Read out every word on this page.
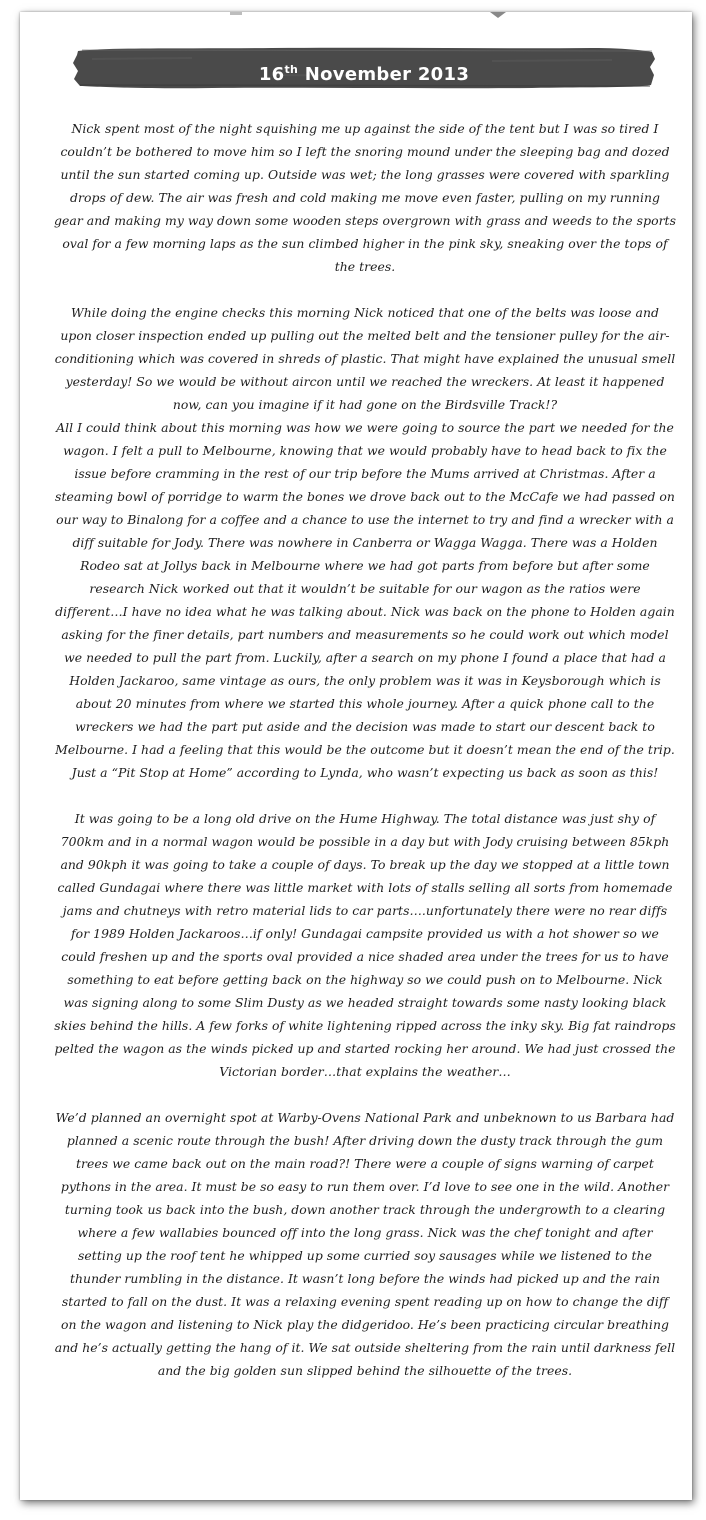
16th November 2013

Nick spent most of the night squishing me up against the side of the tent but I was so tired I couldn’t be bothered to move him so I left the snoring mound under the sleeping bag and dozed until the sun started coming up. Outside was wet; the long grasses were covered with sparkling drops of dew. The air was fresh and cold making me move even faster, pulling on my running gear and making my way down some wooden steps overgrown with grass and weeds to the sports oval for a few morning laps as the sun climbed higher in the pink sky, sneaking over the tops of the trees.

While doing the engine checks this morning Nick noticed that one of the belts was loose and upon closer inspection ended up pulling out the melted belt and the tensioner pulley for the air-conditioning which was covered in shreds of plastic. That might have explained the unusual smell yesterday! So we would be without aircon until we reached the wreckers. At least it happened now, can you imagine if it had gone on the Birdsville Track!?

All I could think about this morning was how we were going to source the part we needed for the wagon. I felt a pull to Melbourne, knowing that we would probably have to head back to fix the issue before cramming in the rest of our trip before the Mums arrived at Christmas. After a steaming bowl of porridge to warm the bones we drove back out to the McCafe we had passed on our way to Binalong for a coffee and a chance to use the internet to try and find a wrecker with a diff suitable for Jody. There was nowhere in Canberra or Wagga Wagga. There was a Holden Rodeo sat at Jollys back in Melbourne where we had got parts from before but after some research Nick worked out that it wouldn’t be suitable for our wagon as the ratios were different…I have no idea what he was talking about. Nick was back on the phone to Holden again asking for the finer details, part numbers and measurements so he could work out which model we needed to pull the part from. Luckily, after a search on my phone I found a place that had a Holden Jackaroo, same vintage as ours, the only problem was it was in Keysborough which is about 20 minutes from where we started this whole journey. After a quick phone call to the wreckers we had the part put aside and the decision was made to start our descent back to Melbourne. I had a feeling that this would be the outcome but it doesn’t mean the end of the trip. Just a “Pit Stop at Home” according to Lynda, who wasn’t expecting us back as soon as this!

It was going to be a long old drive on the Hume Highway. The total distance was just shy of 700km and in a normal wagon would be possible in a day but with Jody cruising between 85kph and 90kph it was going to take a couple of days. To break up the day we stopped at a little town called Gundagai where there was little market with lots of stalls selling all sorts from homemade jams and chutneys with retro material lids to car parts….unfortunately there were no rear diffs for 1989 Holden Jackaroos…if only! Gundagai campsite provided us with a hot shower so we could freshen up and the sports oval provided a nice shaded area under the trees for us to have something to eat before getting back on the highway so we could push on to Melbourne. Nick was signing along to some Slim Dusty as we headed straight towards some nasty looking black skies behind the hills. A few forks of white lightening ripped across the inky sky. Big fat raindrops pelted the wagon as the winds picked up and started rocking her around. We had just crossed the Victorian border…that explains the weather…

We’d planned an overnight spot at Warby-Ovens National Park and unbeknown to us Barbara had planned a scenic route through the bush! After driving down the dusty track through the gum trees we came back out on the main road?! There were a couple of signs warning of carpet pythons in the area. It must be so easy to run them over. I’d love to see one in the wild. Another turning took us back into the bush, down another track through the undergrowth to a clearing where a few wallabies bounced off into the long grass. Nick was the chef tonight and after setting up the roof tent he whipped up some curried soy sausages while we listened to the thunder rumbling in the distance. It wasn’t long before the winds had picked up and the rain started to fall on the dust. It was a relaxing evening spent reading up on how to change the diff on the wagon and listening to Nick play the didgeridoo. He’s been practicing circular breathing and he’s actually getting the hang of it. We sat outside sheltering from the rain until darkness fell and the big golden sun slipped behind the silhouette of the trees.
